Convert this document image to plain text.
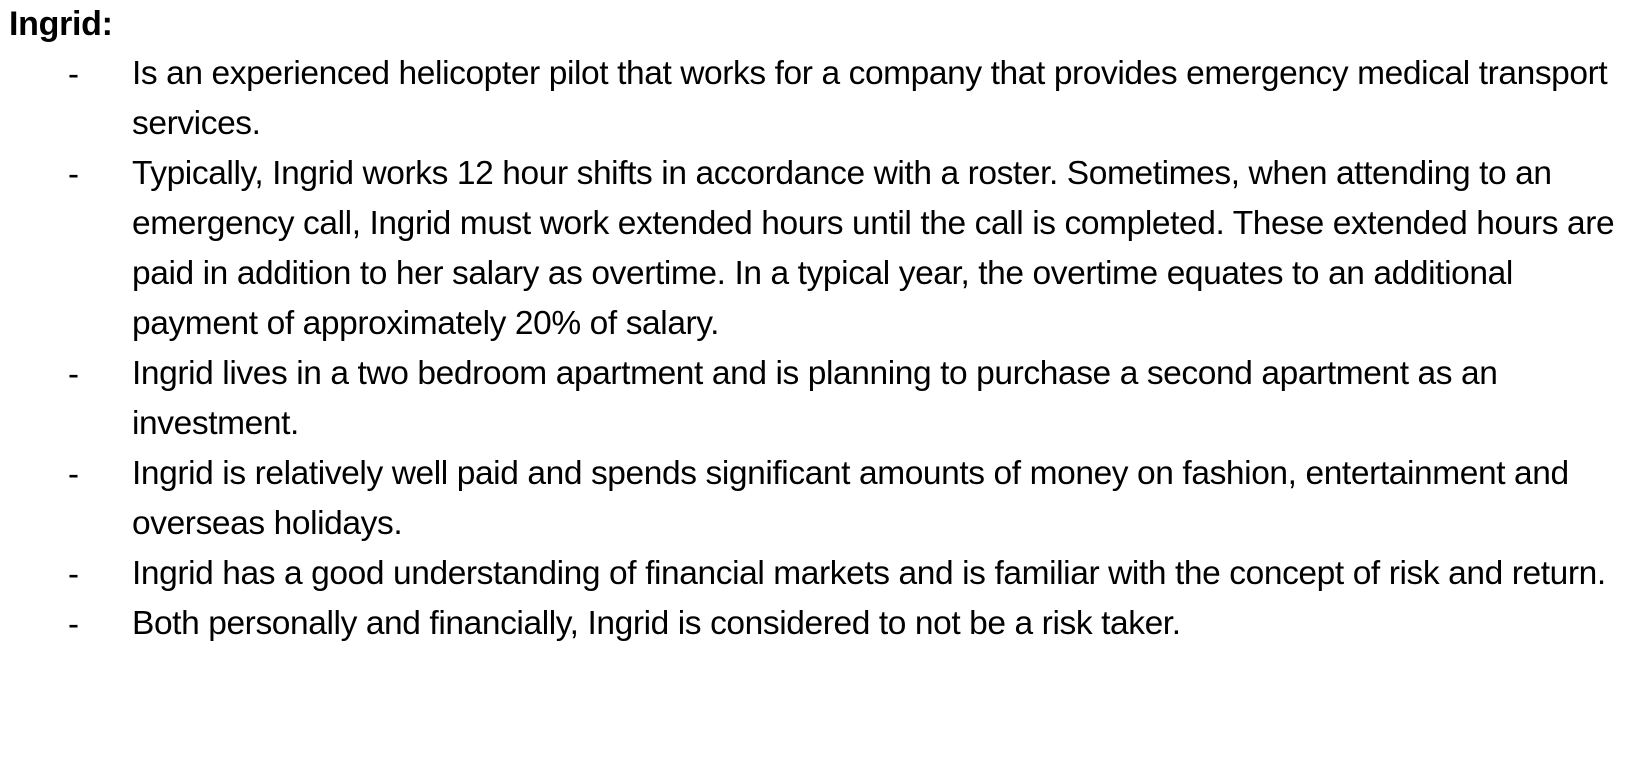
Ingrid:
- Is an experienced helicopter pilot that works for a company that provides emergency medical transport services.
- Typically, Ingrid works 12 hour shifts in accordance with a roster. Sometimes, when attending to an emergency call, Ingrid must work extended hours until the call is completed. These extended hours are paid in addition to her salary as overtime. In a typical year, the overtime equates to an additional payment of approximately 20% of salary.
- Ingrid lives in a two bedroom apartment and is planning to purchase a second apartment as an investment.
- Ingrid is relatively well paid and spends significant amounts of money on fashion, entertainment and overseas holidays.
- Ingrid has a good understanding of financial markets and is familiar with the concept of risk and return.
- Both personally and financially, Ingrid is considered to not be a risk taker.
